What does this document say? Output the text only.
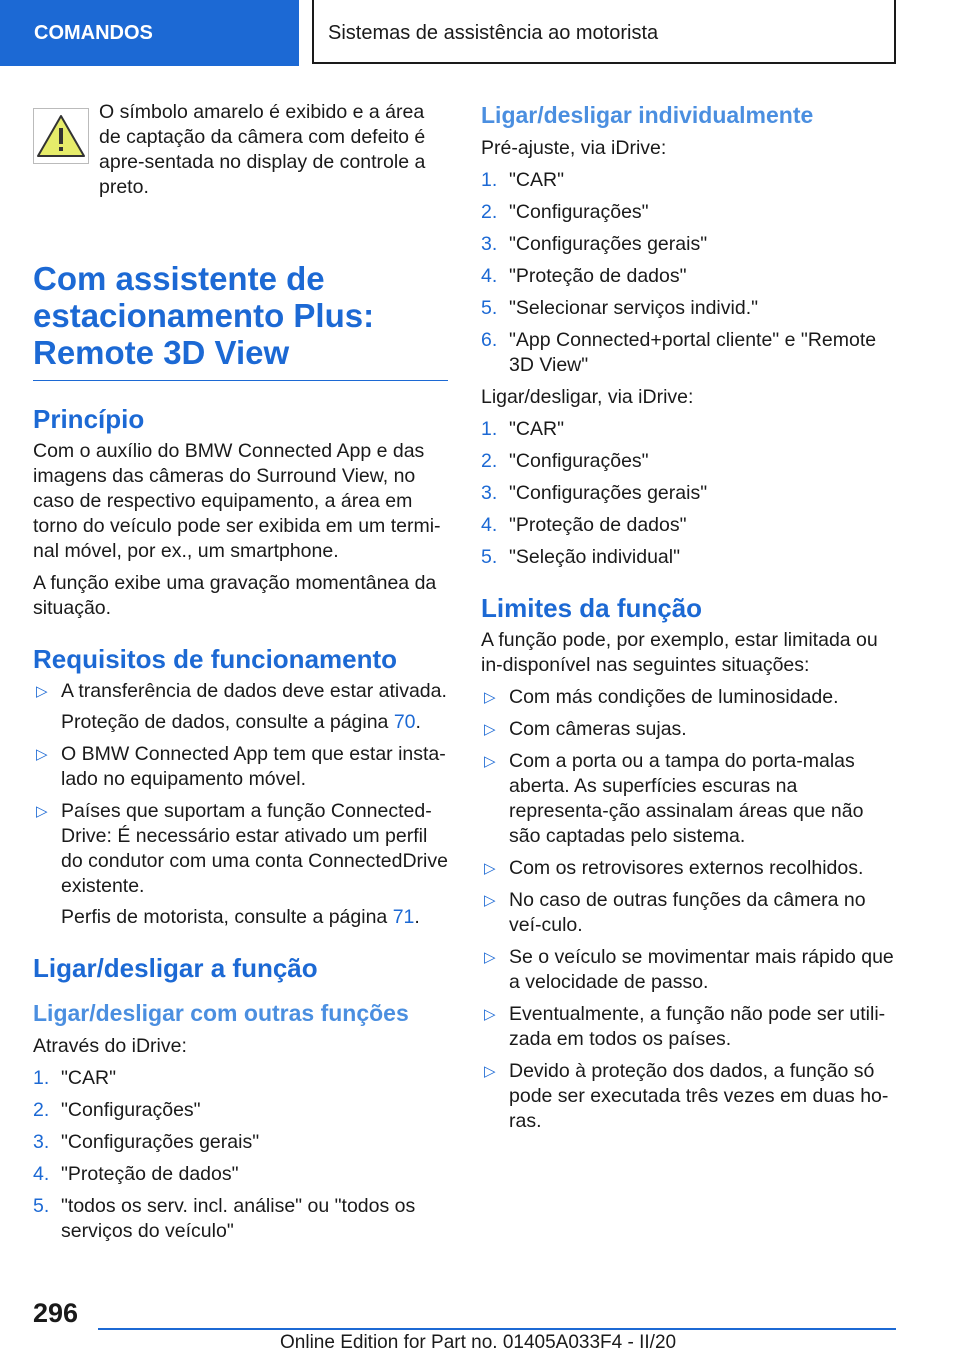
COMANDOS	Sistemas de assistência ao motorista
O símbolo amarelo é exibido e a área de captação da câmera com defeito é apre-sentada no display de controle a preto.
Com assistente de estacionamento Plus: Remote 3D View
Princípio

Com o auxílio do BMW Connected App e das imagens das câmeras do Surround View, no caso de respectivo equipamento, a área em torno do veículo pode ser exibida em um termi-nal móvel, por ex., um smartphone.

A função exibe uma gravação momentânea da situação.

Requisitos de funcionamento
▷ A transferência de dados deve estar ativada.
Proteção de dados, consulte a página 70.
▷ O BMW Connected App tem que estar insta-lado no equipamento móvel.
▷ Países que suportam a função Connected-Drive: É necessário estar ativado um perfil do condutor com uma conta ConnectedDrive existente.
Perfis de motorista, consulte a página 71.
Ligar/desligar a função
Ligar/desligar com outras funções

Através do iDrive:

1. "CAR"
2. "Configurações"
3. "Configurações gerais"
4. "Proteção de dados"
5. "todos os serv. incl. análise" ou "todos os serviços do veículo"
Ligar/desligar individualmente

Pré-ajuste, via iDrive:

1. "CAR"
2. "Configurações"
3. "Configurações gerais"
4. "Proteção de dados"
5. "Selecionar serviços individ."
6. "App Connected+portal cliente" e "Remote 3D View"

Ligar/desligar, via iDrive:

1. "CAR"
2. "Configurações"
3. "Configurações gerais"
4. "Proteção de dados"
5. "Seleção individual"
Limites da função

A função pode, por exemplo, estar limitada ou in-disponível nas seguintes situações:

▷ Com más condições de luminosidade.
▷ Com câmeras sujas.
▷ Com a porta ou a tampa do porta-malas aberta. As superfícies escuras na representa-ção assinalam áreas que não são captadas pelo sistema.
▷ Com os retrovisores externos recolhidos.
▷ No caso de outras funções da câmera no veí-culo.
▷ Se o veículo se movimentar mais rápido que a velocidade de passo.
▷ Eventualmente, a função não pode ser utili-zada em todos os países.
▷ Devido à proteção dos dados, a função só pode ser executada três vezes em duas ho-ras.
296
Online Edition for Part no. 01405A033F4 - II/20
